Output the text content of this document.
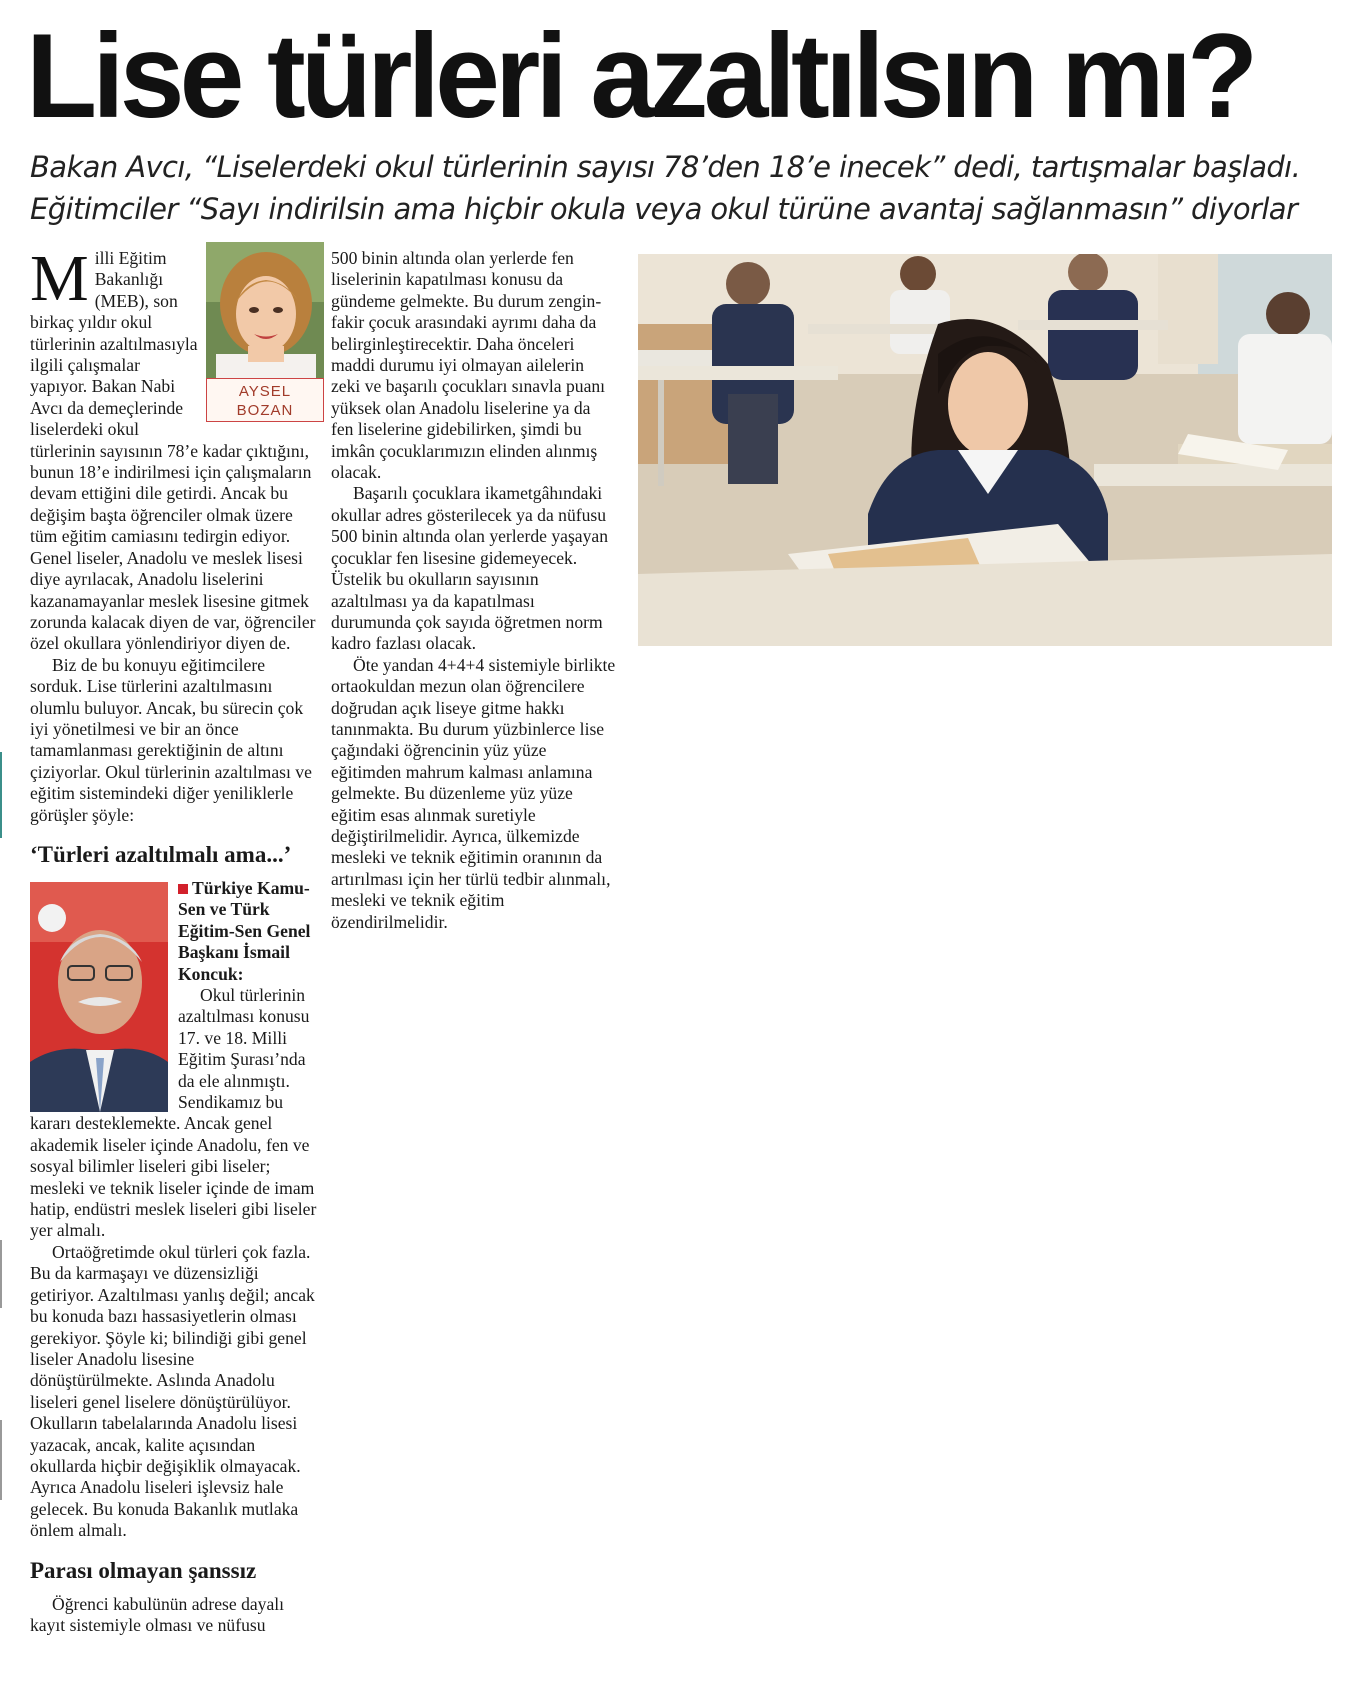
Lise türleri azaltılsın mı?
Bakan Avcı, “Liselerdeki okul türlerinin sayısı 78’den 18’e inecek” dedi, tartışmalar başladı.
Eğitimciler “Sayı indirilsin ama hiçbir okula veya okul türüne avantaj sağlanmasın” diyorlar
AYSEL
BOZAN

Milli Eğitim Bakanlığı (MEB), son birkaç yıldır okul türlerinin azaltılmasıyla ilgili çalışmalar yapıyor. Bakan Nabi Avcı da demeçlerinde liselerdeki okul türlerinin sayısının 78’e kadar çıktığını, bunun 18’e indirilmesi için çalışmaların devam ettiğini dile getirdi. Ancak bu değişim başta öğrenciler olmak üzere tüm eğitim camiasını tedirgin ediyor. Genel liseler, Anadolu ve meslek lisesi diye ayrılacak, Anadolu liselerini kazanamayanlar meslek lisesine gitmek zorunda kalacak diyen de var, öğrenciler özel okullara yönlendiriyor diyen de.

Biz de bu konuyu eğitimcilere sorduk. Lise türlerini azaltılmasını olumlu buluyor. Ancak, bu sürecin çok iyi yönetilmesi ve bir an önce tamamlanması gerektiğinin de altını çiziyorlar. Okul türlerinin azaltılması ve eğitim sistemindeki diğer yeniliklerle görüşler şöyle:

‘Türleri azaltılmalı ama...’

Türkiye Kamu-Sen ve Türk Eğitim-Sen Genel Başkanı İsmail Koncuk:

Okul türlerinin azaltılması konusu 17. ve 18. Milli Eğitim Şurası’nda da ele alınmıştı. Sendikamız bu kararı desteklemekte. Ancak genel akademik liseler içinde Anadolu, fen ve sosyal bilimler liseleri gibi liseler; mesleki ve teknik liseler içinde de imam hatip, endüstri meslek liseleri gibi liseler yer almalı.

Ortaöğretimde okul türleri çok fazla. Bu da karmaşayı ve düzensizliği getiriyor. Azaltılması yanlış değil; ancak bu konuda bazı hassasiyetlerin olması gerekiyor. Şöyle ki; bilindiği gibi genel liseler Anadolu lisesine dönüştürülmekte. Aslında Anadolu liseleri genel liselere dönüştürülüyor. Okulların tabelalarında Anadolu lisesi yazacak, ancak, kalite açısından okullarda hiçbir değişiklik olmayacak. Ayrıca Anadolu liseleri işlevsiz hale gelecek. Bu konuda Bakanlık mutlaka önlem almalı.

Parası olmayan şanssız

Öğrenci kabulünün adrese dayalı kayıt sistemiyle olması ve nüfusu

500 binin altında olan yerlerde fen liselerinin kapatılması konusu da gündeme gelmekte. Bu durum zengin-fakir çocuk arasındaki ayrımı daha da belirginleştirecektir. Daha önceleri maddi durumu iyi olmayan ailelerin zeki ve başarılı çocukları sınavla puanı yüksek olan Anadolu liselerine ya da fen liselerine gidebilirken, şimdi bu imkân çocuklarımızın elinden alınmış olacak.

Başarılı çocuklara ikametgâhındaki okullar adres gösterilecek ya da nüfusu 500 binin altında olan yerlerde yaşayan çocuklar fen lisesine gidemeyecek. Üstelik bu okulların sayısının azaltılması ya da kapatılması durumunda çok sayıda öğretmen norm kadro fazlası olacak.

Öte yandan 4+4+4 sistemiyle birlikte ortaokuldan mezun olan öğrencilere doğrudan açık liseye gitme hakkı tanınmakta. Bu durum yüzbinlerce lise çağındaki öğrencinin yüz yüze eğitimden mahrum kalması anlamına gelmekte. Bu düzenleme yüz yüze eğitim esas alınmak suretiyle değiştirilmelidir. Ayrıca, ülkemizde mesleki ve teknik eğitimin oranının da artırılması için her türlü tedbir alınmalı, mesleki ve teknik eğitim özendirilmelidir.
